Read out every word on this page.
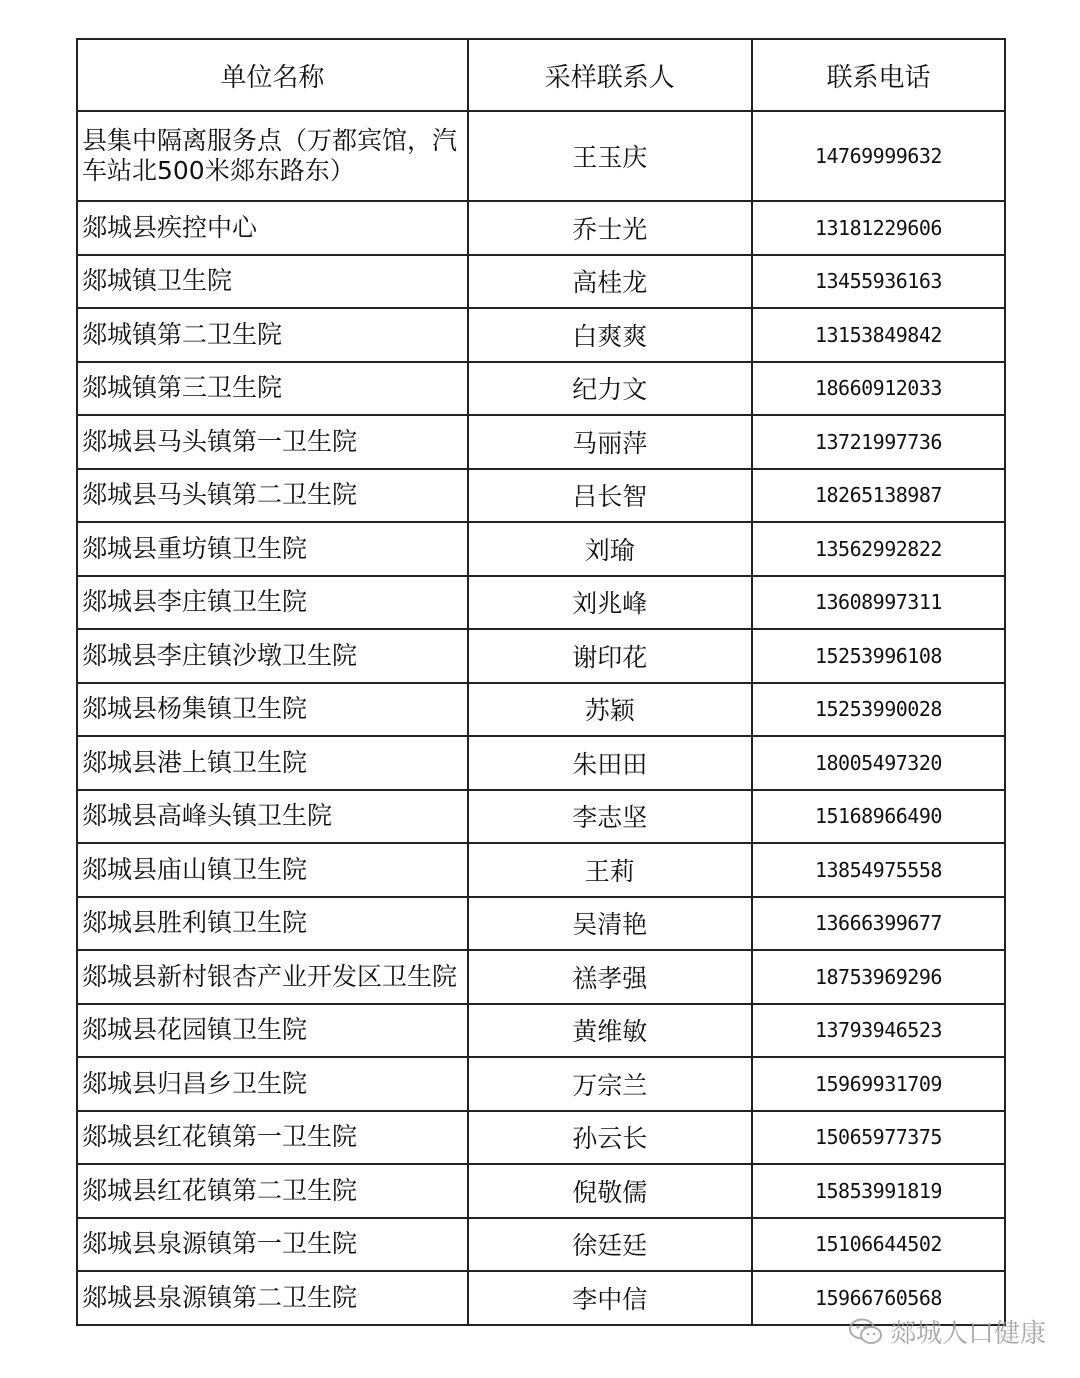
单位名称	采样联系人	联系电话
县集中隔离服务点（万都宾馆，汽车站北500米郯东路东）	王玉庆	14769999632
郯城县疾控中心	乔士光	13181229606
郯城镇卫生院	高桂龙	13455936163
郯城镇第二卫生院	白爽爽	13153849842
郯城镇第三卫生院	纪力文	18660912033
郯城县马头镇第一卫生院	马丽萍	13721997736
郯城县马头镇第二卫生院	吕长智	18265138987
郯城县重坊镇卫生院	刘瑜	13562992822
郯城县李庄镇卫生院	刘兆峰	13608997311
郯城县李庄镇沙墩卫生院	谢印花	15253996108
郯城县杨集镇卫生院	苏颖	15253990028
郯城县港上镇卫生院	朱田田	18005497320
郯城县高峰头镇卫生院	李志坚	15168966490
郯城县庙山镇卫生院	王莉	13854975558
郯城县胜利镇卫生院	吴清艳	13666399677
郯城县新村银杏产业开发区卫生院	禚孝强	18753969296
郯城县花园镇卫生院	黄维敏	13793946523
郯城县归昌乡卫生院	万宗兰	15969931709
郯城县红花镇第一卫生院	孙云长	15065977375
郯城县红花镇第二卫生院	倪敬儒	15853991819
郯城县泉源镇第一卫生院	徐廷廷	15106644502
郯城县泉源镇第二卫生院	李中信	15966760568
郯城人口健康
